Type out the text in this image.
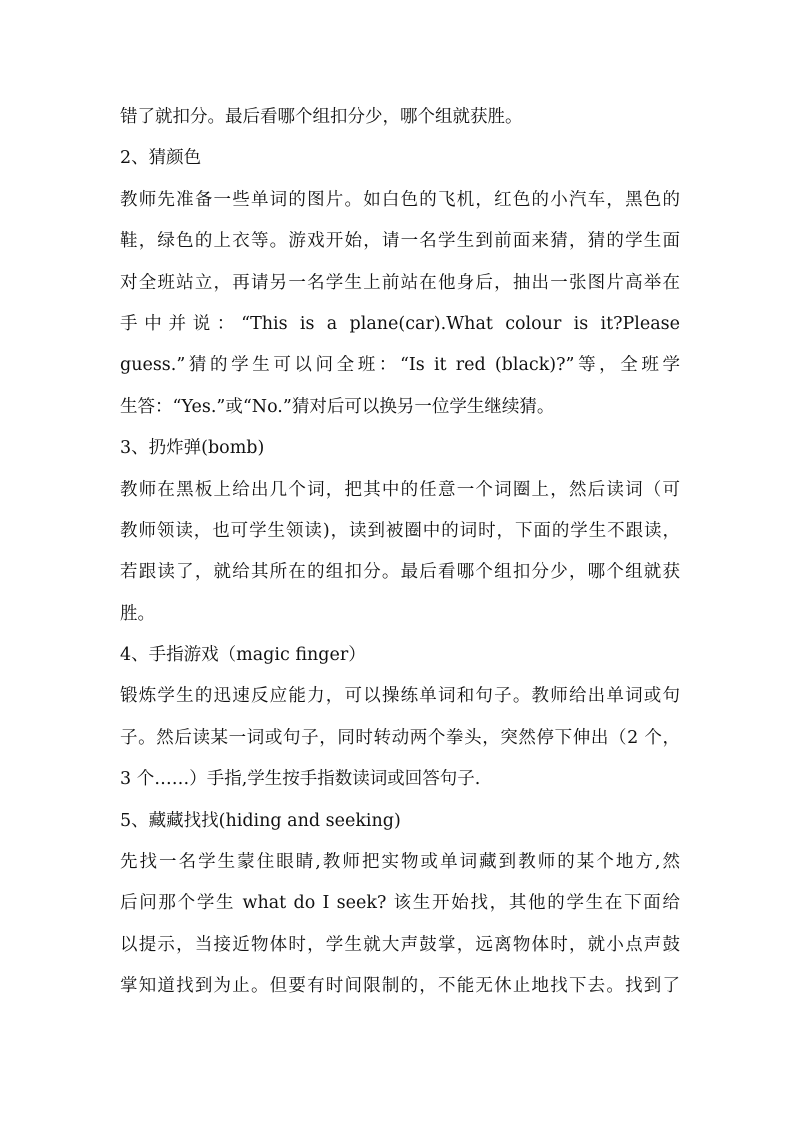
错了就扣分。最后看哪个组扣分少，哪个组就获胜。
2、猜颜色
教师先准备一些单词的图片。如白色的飞机，红色的小汽车，黑色的
鞋，绿色的上衣等。游戏开始，请一名学生到前面来猜，猜的学生面
对全班站立，再请另一名学生上前站在他身后，抽出一张图片高举在
手中并说：“This is a plane(car).What colour is it?Please
guess.”猜的学生可以问全班：“Is it red (black)?”等，全班学
生答：“Yes.”或“No.”猜对后可以换另一位学生继续猜。
3、扔炸弹(bomb)
教师在黑板上给出几个词，把其中的任意一个词圈上，然后读词（可
教师领读，也可学生领读)，读到被圈中的词时，下面的学生不跟读，
若跟读了，就给其所在的组扣分。最后看哪个组扣分少，哪个组就获
胜。
4、手指游戏（magic finger）
锻炼学生的迅速反应能力，可以操练单词和句子。教师给出单词或句
子。然后读某一词或句子，同时转动两个拳头，突然停下伸出（2 个，
3 个……）手指,学生按手指数读词或回答句子.
5、藏藏找找(hiding and seeking)
先找一名学生蒙住眼睛,教师把实物或单词藏到教师的某个地方,然
后问那个学生 what do I seek? 该生开始找，其他的学生在下面给
以提示，当接近物体时，学生就大声鼓掌，远离物体时，就小点声鼓
掌知道找到为止。但要有时间限制的，不能无休止地找下去。找到了
